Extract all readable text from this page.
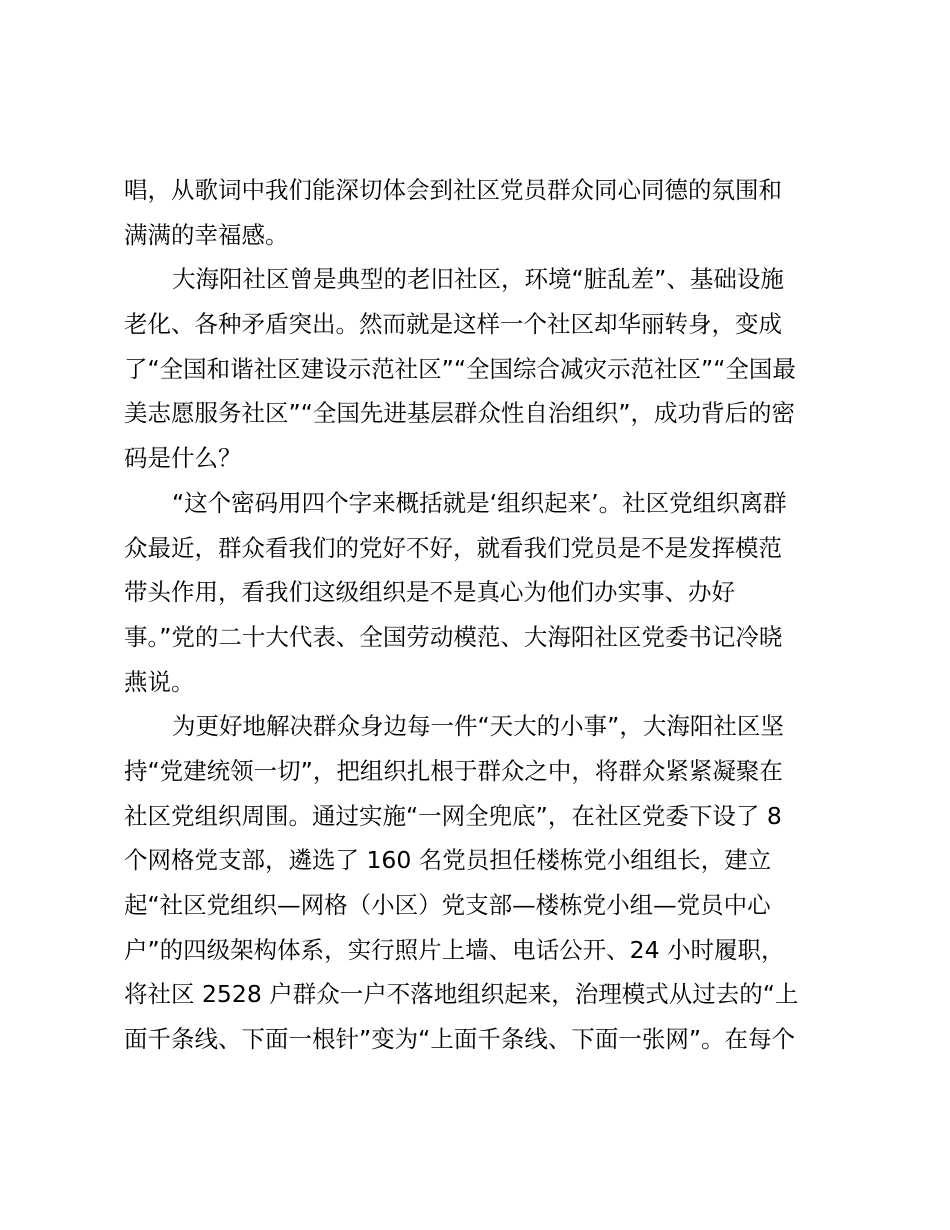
唱，从歌词中我们能深切体会到社区党员群众同心同德的氛围和
满满的幸福感。
大海阳社区曾是典型的老旧社区，环境“脏乱差”、基础设施
老化、各种矛盾突出。然而就是这样一个社区却华丽转身，变成
了“全国和谐社区建设示范社区”“全国综合减灾示范社区”“全国最
美志愿服务社区”“全国先进基层群众性自治组织”，成功背后的密
码是什么？
“这个密码用四个字来概括就是‘组织起来’。社区党组织离群
众最近，群众看我们的党好不好，就看我们党员是不是发挥模范
带头作用，看我们这级组织是不是真心为他们办实事、办好
事。”党的二十大代表、全国劳动模范、大海阳社区党委书记冷晓
燕说。
为更好地解决群众身边每一件“天大的小事”，大海阳社区坚
持“党建统领一切”，把组织扎根于群众之中，将群众紧紧凝聚在
社区党组织周围。通过实施“一网全兜底”，在社区党委下设了 8
个网格党支部，遴选了 160 名党员担任楼栋党小组组长，建立
起“社区党组织—网格（小区）党支部—楼栋党小组—党员中心
户”的四级架构体系，实行照片上墙、电话公开、24 小时履职，
将社区 2528 户群众一户不落地组织起来，治理模式从过去的“上
面千条线、下面一根针”变为“上面千条线、下面一张网”。在每个
